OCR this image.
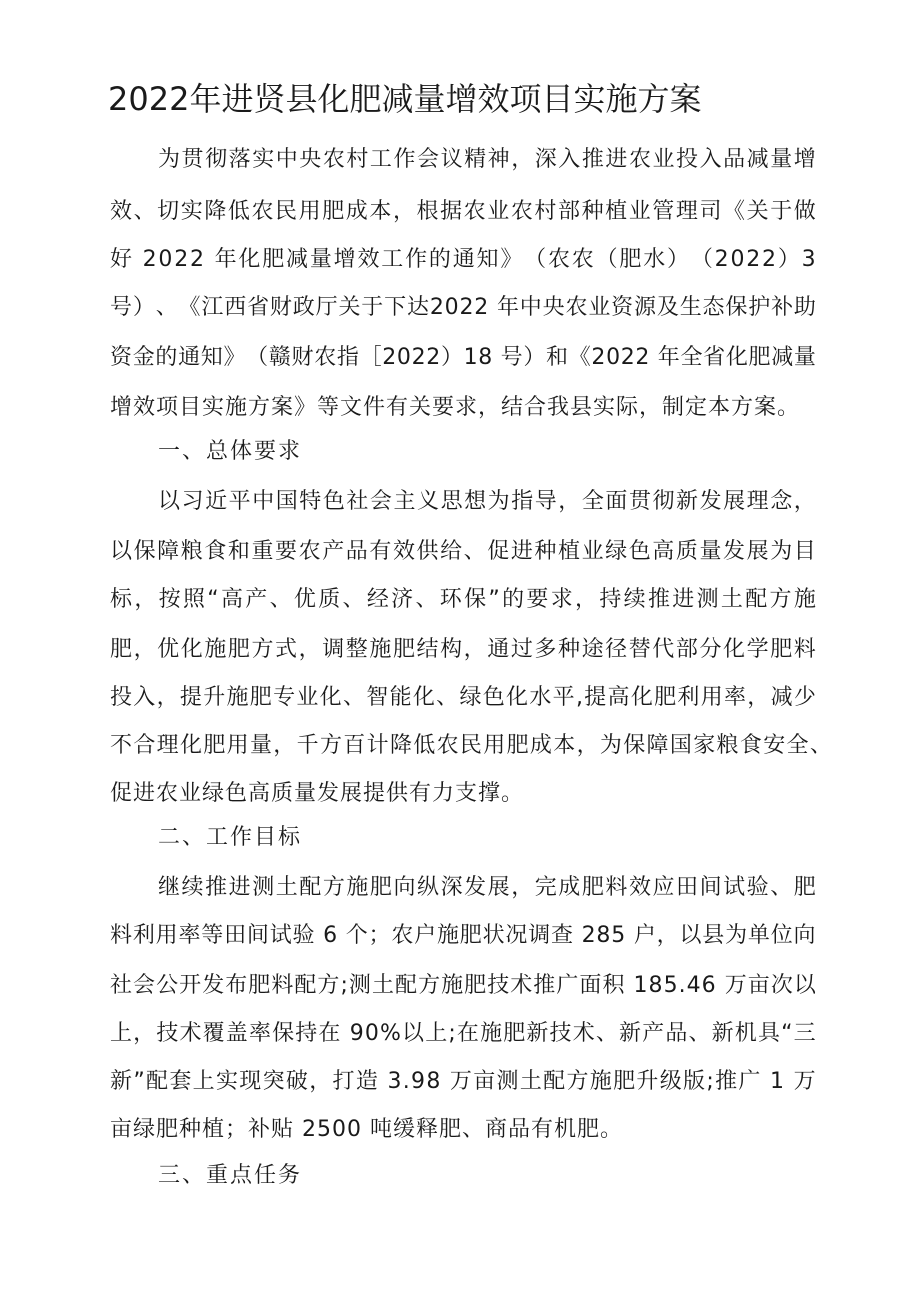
2022年进贤县化肥减量增效项目实施方案
为 贯 彻 落 实 中 央 农 村 工 作 会 议 精 神 ， 深 入 推 进 农 业 投 入 品 减 量 增
效 、 切 实 降 低 农 民 用 肥 成 本 ， 根 据 农 业 农 村 部 种 植 业 管 理 司 《 关 于 做
好
2 0 2 2
年 化 肥 减 量 增 效 工 作 的 通 知 》 （ 农 农 （ 肥 水 ） （ 2 0 2 2 ） 3
号 ） 、 《 江 西 省 财 政 厅 关 于 下 达 2 0 2 2
年 中 央 农 业 资 源 及 生 态 保 护 补 助
资 金 的 通 知 》 （ 赣 财 农 指 ［ 2 0 2 2 ） 1 8
号 ） 和 《 2 0 2 2
年 全 省 化 肥 减 量
增效项目实施方案》等文件有关要求，结合我县实际，制定本方案。
一、总体要求
以 习 近 平 中 国 特 色 社 会 主 义 思 想 为 指 导 ， 全 面 贯 彻 新 发 展 理 念 ，
以 保 障 粮 食 和 重 要 农 产 品 有 效 供 给 、 促 进 种 植 业 绿 色 高 质 量 发 展 为 目
标 ， 按 照 “ 高 产 、 优 质 、 经 济 、 环 保 ” 的 要 求 ， 持 续 推 进 测 土 配 方 施
肥 ， 优 化 施 肥 方 式 ， 调 整 施 肥 结 构 ， 通 过 多 种 途 径 替 代 部 分 化 学 肥 料
投 入 ， 提 升 施 肥 专 业 化 、 智 能 化 、 绿 色 化 水 平 , 提 高 化 肥 利 用 率 ， 减 少
不 合 理 化 肥 用 量 ， 千 方 百 计 降 低 农 民 用 肥 成 本 ， 为 保 障 国 家 粮 食 安 全 、
促进农业绿色高质量发展提供有力支撑。
二、工作目标
继 续 推 进 测 土 配 方 施 肥 向 纵 深 发 展 ， 完 成 肥 料 效 应 田 间 试 验 、 肥
料 利 用 率 等 田 间 试 验
6
个 ； 农 户 施 肥 状 况 调 查
2 8 5
户 ， 以 县 为 单 位 向
社 会 公 开 发 布 肥 料 配 方 ; 测 土 配 方 施 肥 技 术 推 广 面 积
1 8 5 . 4 6
万 亩 次 以
上 ， 技 术 覆 盖 率 保 持 在
9 0 % 以 上 ; 在 施 肥 新 技 术 、 新 产 品 、 新 机 具 “ 三
新 ” 配 套 上 实 现 突 破 ， 打 造
3 . 9 8
万 亩 测 土 配 方 施 肥 升 级 版 ; 推 广
1
万
亩绿肥种植；补贴 2500 吨缓释肥、商品有机肥。
三、重点任务
